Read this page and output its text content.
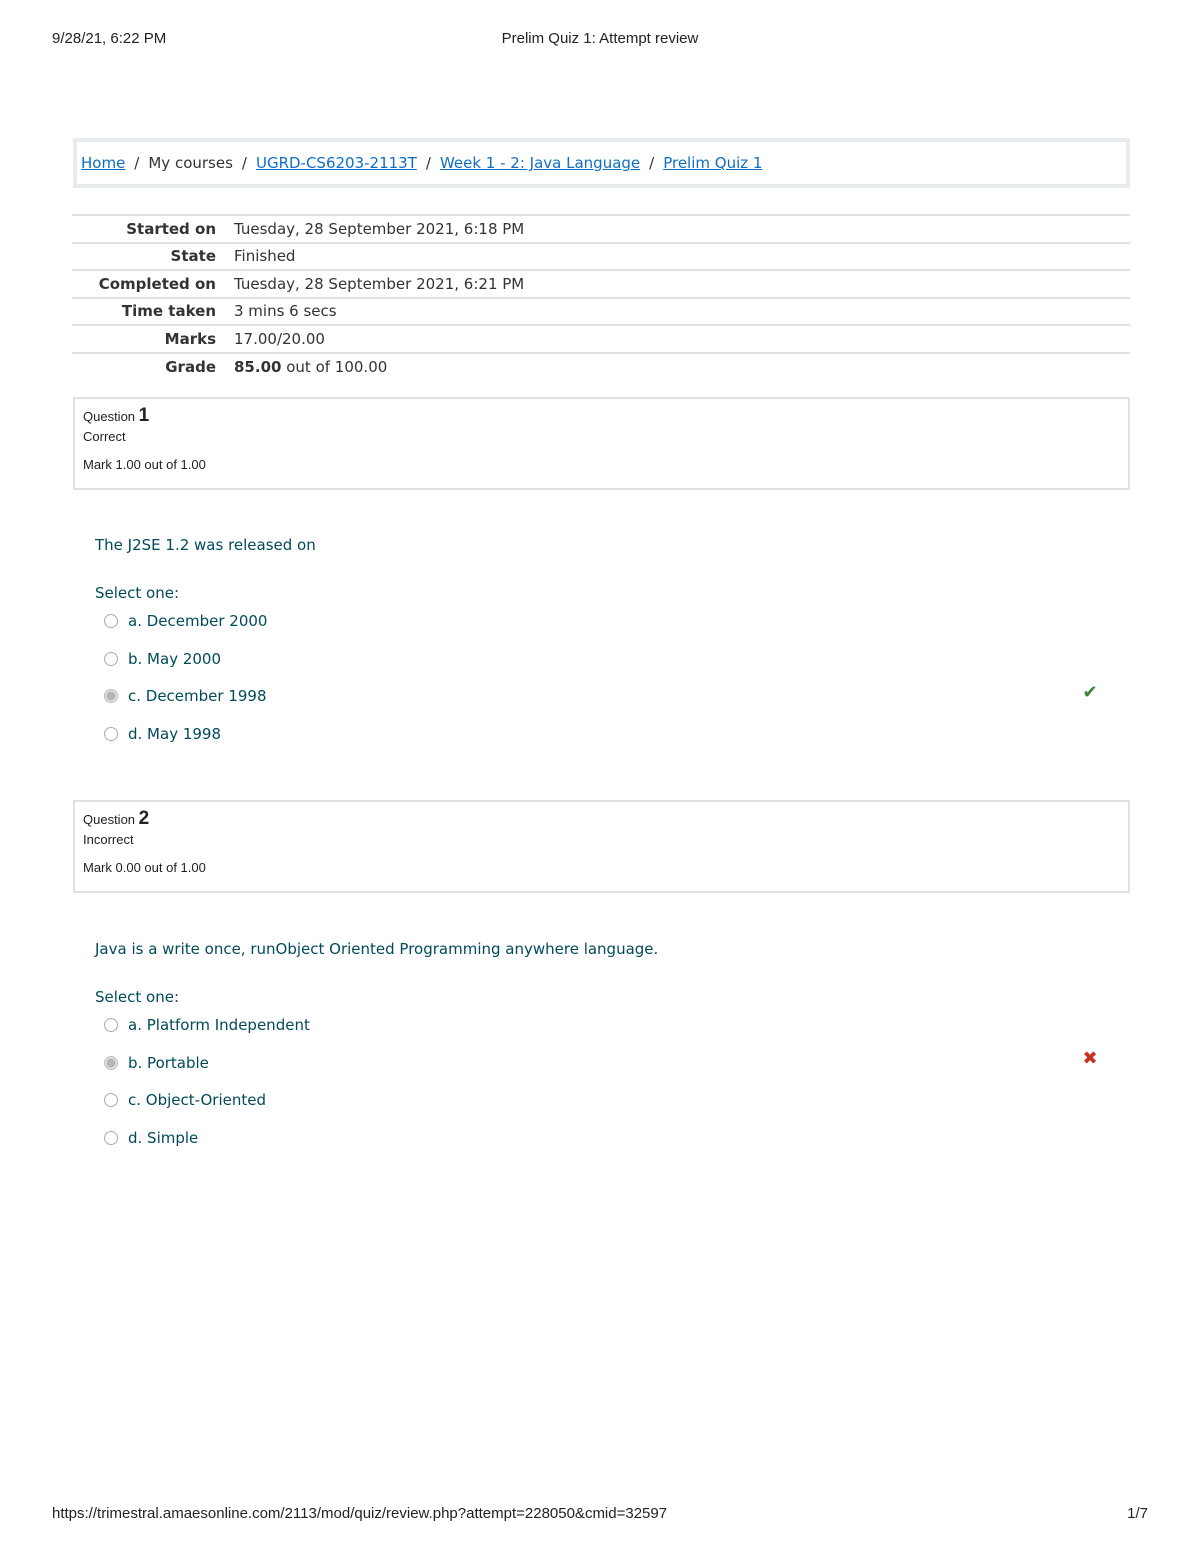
9/28/21, 6:22 PM	Prelim Quiz 1: Attempt review
Home / My courses / UGRD-CS6203-2113T / Week 1 - 2: Java Language / Prelim Quiz 1
Started on	Tuesday, 28 September 2021, 6:18 PM
State	Finished
Completed on	Tuesday, 28 September 2021, 6:21 PM
Time taken	3 mins 6 secs
Marks	17.00/20.00
Grade	85.00 out of 100.00
Question 1
Correct
Mark 1.00 out of 1.00
The J2SE 1.2 was released on
Select one:
a. December 2000
b. May 2000
c. December 1998
d. May 1998
✔
Question 2
Incorrect
Mark 0.00 out of 1.00
Java is a write once, runObject Oriented Programming anywhere language.
Select one:
a. Platform Independent
b. Portable
c. Object-Oriented
d. Simple
✖
https://trimestral.amaesonline.com/2113/mod/quiz/review.php?attempt=228050&cmid=32597	1/7
